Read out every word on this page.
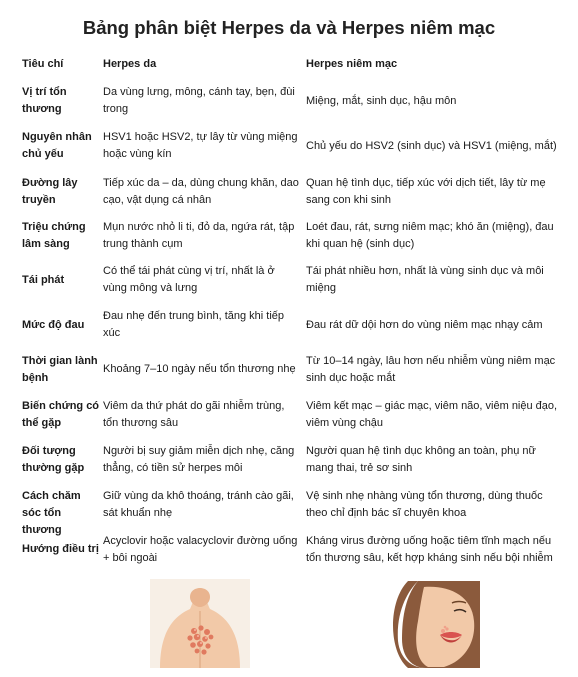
Bảng phân biệt Herpes da và Herpes niêm mạc
Tiêu chí	Herpes da	Herpes niêm mạc
Vị trí tổn thương
Da vùng lưng, mông, cánh tay, bẹn, đùi trong
Miệng, mắt, sinh dục, hậu môn
Nguyên nhân chủ yếu
HSV1 hoặc HSV2, tự lây từ vùng miệng hoặc vùng kín
Chủ yếu do HSV2 (sinh dục) và HSV1 (miệng, mắt)
Đường lây truyền
Tiếp xúc da – da, dùng chung khăn, dao cạo, vật dụng cá nhân
Quan hệ tình dục, tiếp xúc với dịch tiết, lây từ mẹ sang con khi sinh
Triệu chứng lâm sàng
Mụn nước nhỏ li ti, đỏ da, ngứa rát, tập trung thành cụm
Loét đau, rát, sưng niêm mạc; khó ăn (miệng), đau khi quan hệ (sinh dục)
Tái phát
Có thể tái phát cùng vị trí, nhất là ở vùng mông và lưng
Tái phát nhiều hơn, nhất là vùng sinh dục và môi miệng
Mức độ đau
Đau nhẹ đến trung bình, tăng khi tiếp xúc
Đau rát dữ dội hơn do vùng niêm mạc nhạy cảm
Thời gian lành bệnh
Khoảng 7–10 ngày nếu tổn thương nhẹ
Từ 10–14 ngày, lâu hơn nếu nhiễm vùng niêm mạc sinh dục hoặc mắt
Biến chứng có thể gặp
Viêm da thứ phát do gãi nhiễm trùng, tổn thương sâu
Viêm kết mạc – giác mạc, viêm não, viêm niệu đạo, viêm vùng chậu
Đối tượng thường gặp
Người bị suy giảm miễn dịch nhẹ, căng thẳng, có tiền sử herpes môi
Người quan hệ tình dục không an toàn, phụ nữ mang thai, trẻ sơ sinh
Cách chăm sóc tổn thương
Giữ vùng da khô thoáng, tránh cào gãi, sát khuẩn nhẹ
Vệ sinh nhẹ nhàng vùng tổn thương, dùng thuốc theo chỉ định bác sĩ chuyên khoa
Hướng điều trị
Acyclovir hoặc valacyclovir đường uống + bôi ngoài
Kháng virus đường uống hoặc tiêm tĩnh mạch nếu tổn thương sâu, kết hợp kháng sinh nếu bội nhiễm
